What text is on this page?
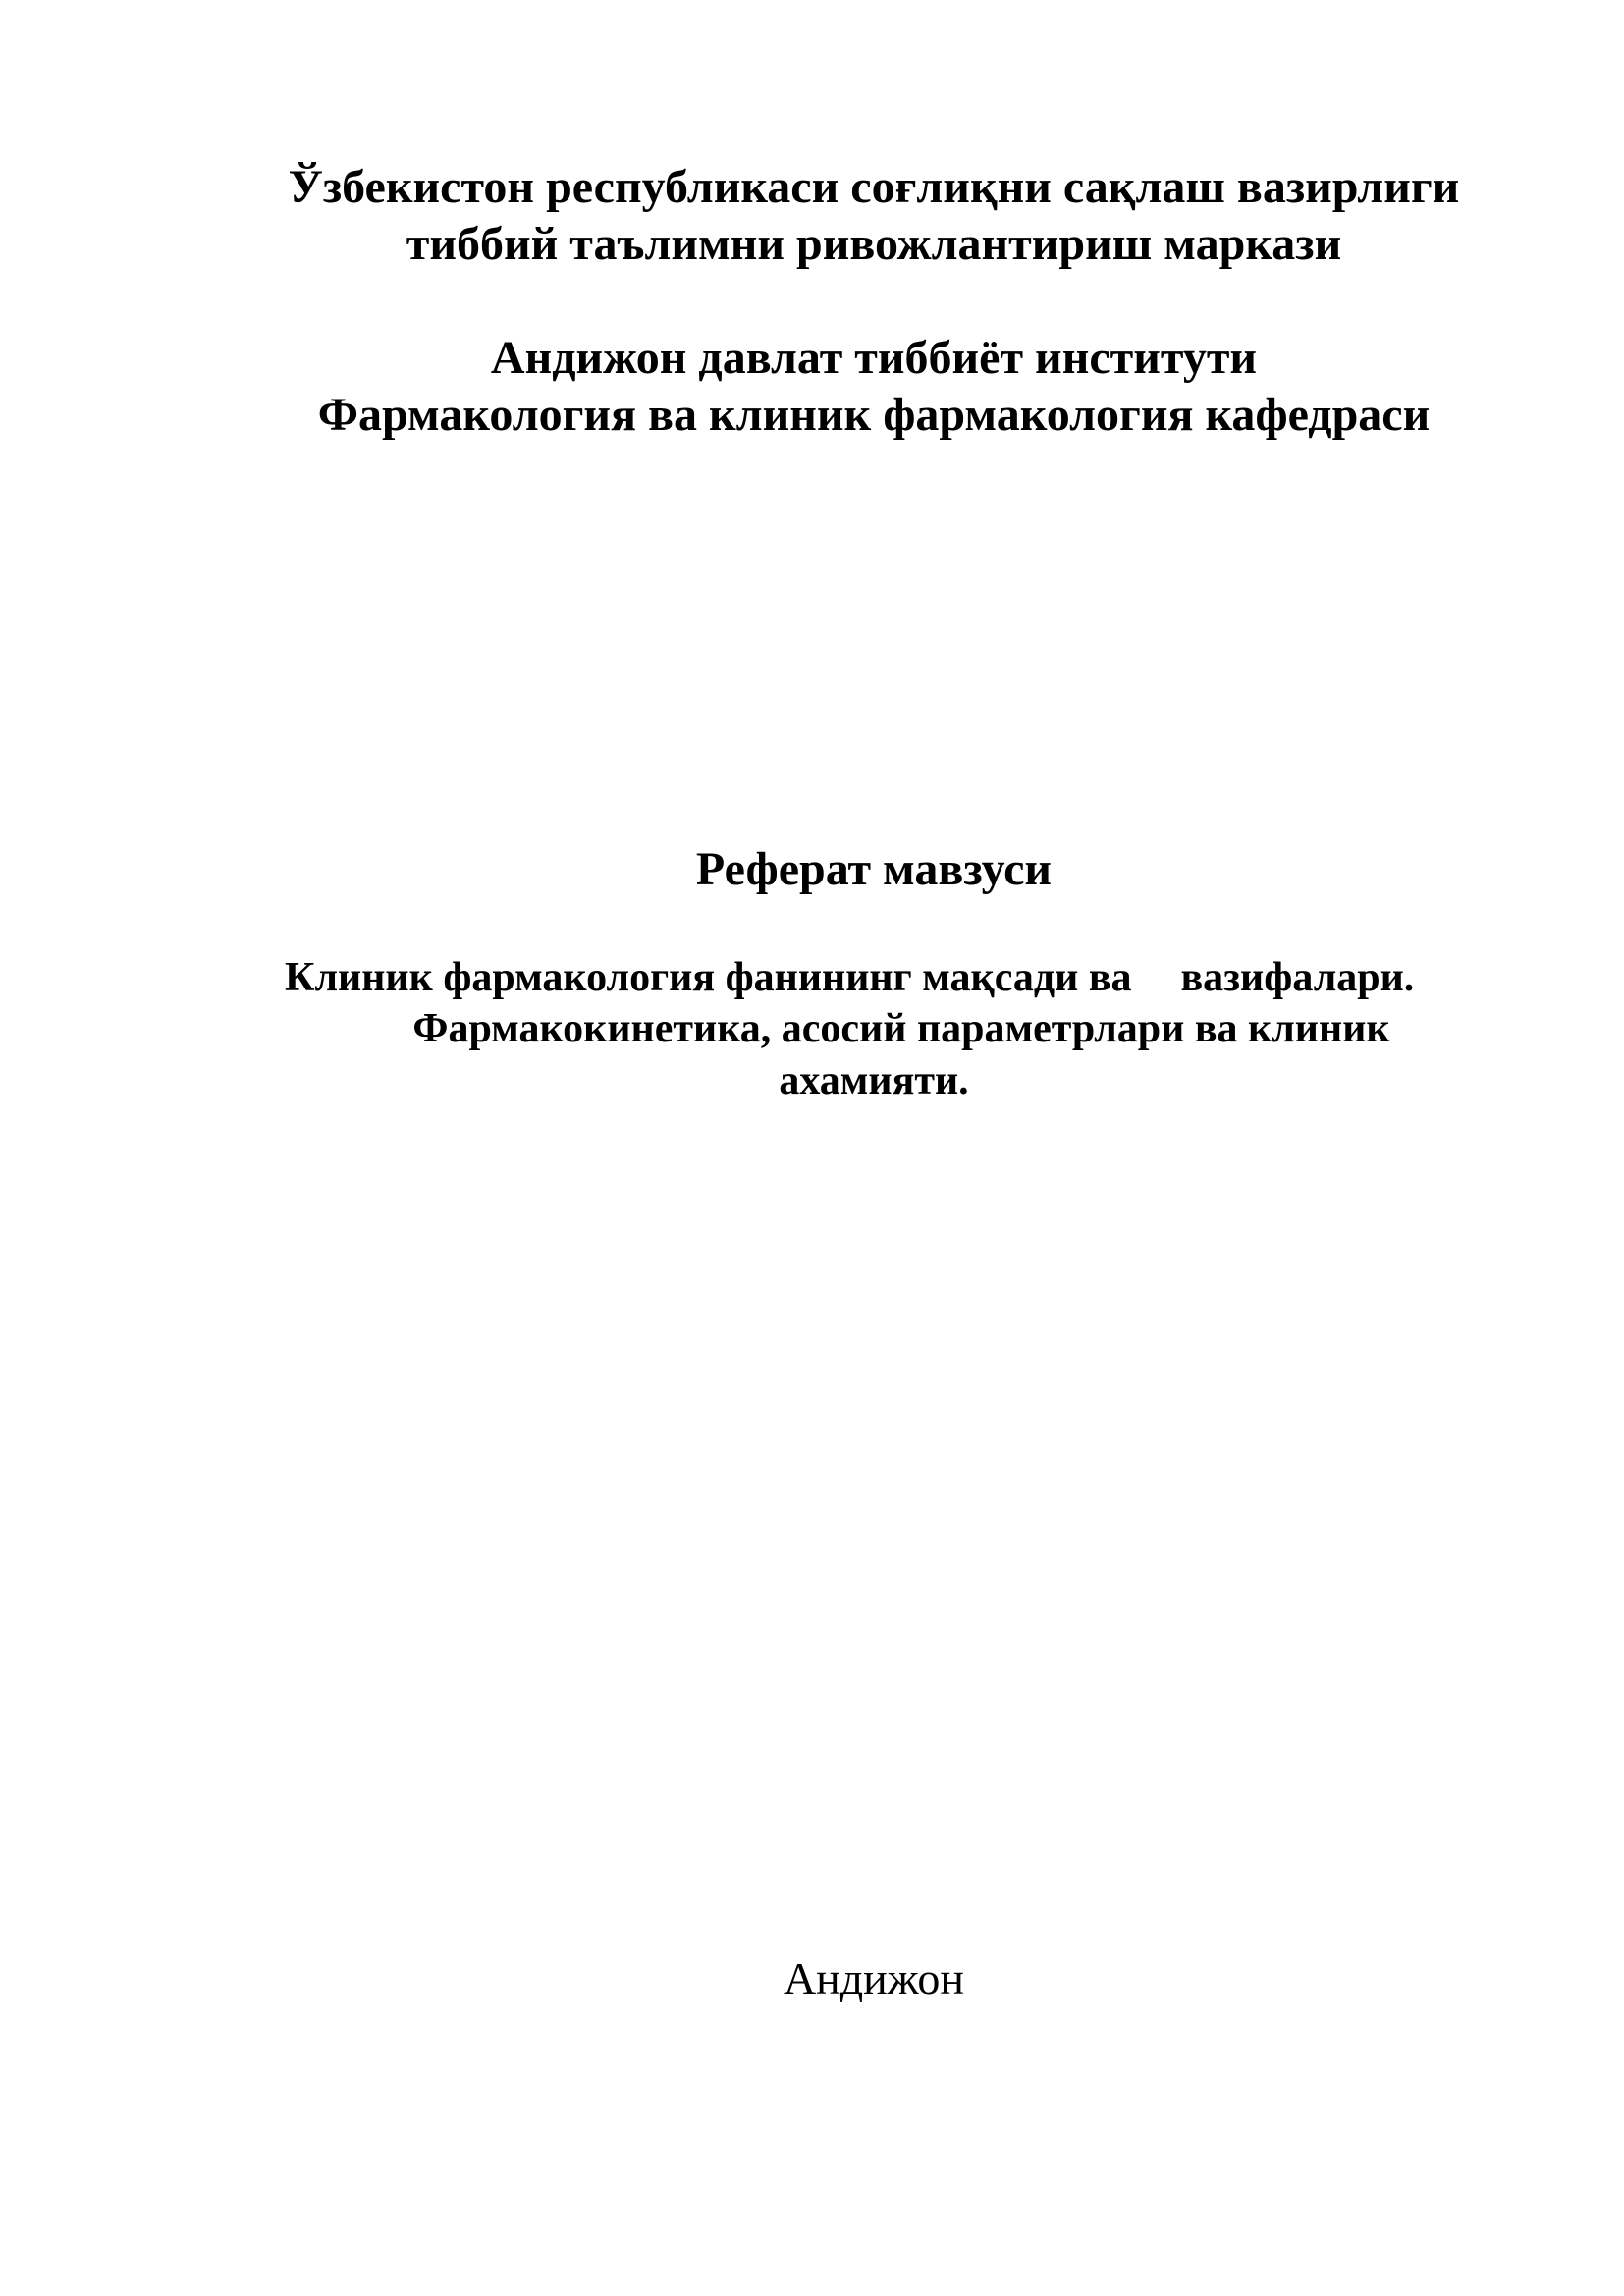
Ўзбекистон республикаси соғлиқни сақлаш вазирлиги
тиббий таълимни ривожлантириш маркази
Андижон давлат тиббиёт институти
Фармакология ва клиник фармакология кафедраси
Реферат мавзуси
Клиник фармакология фанининг мақсади ва вазифалари.
Фармакокинетика, асосий параметрлари ва клиник
ахамияти.
Андижон
